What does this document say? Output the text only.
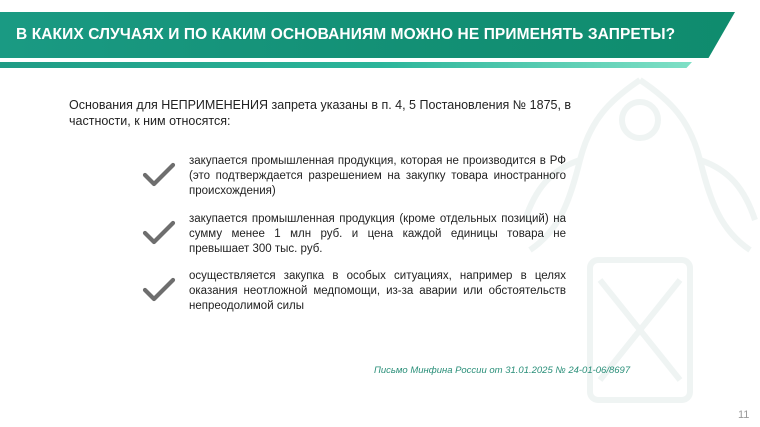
В КАКИХ СЛУЧАЯХ И ПО КАКИМ ОСНОВАНИЯМ МОЖНО НЕ ПРИМЕНЯТЬ ЗАПРЕТЫ?

Основания для НЕПРИМЕНЕНИЯ запрета указаны в п. 4, 5 Постановления № 1875, в частности, к ним относятся:

закупается промышленная продукция, которая не производится в РФ (это подтверждается разрешением на закупку товара иностранного происхождения)

закупается промышленная продукция (кроме отдельных позиций) на сумму менее 1 млн руб. и цена каждой единицы товара не превышает 300 тыс. руб.

осуществляется закупка в особых ситуациях, например в целях оказания неотложной медпомощи, из-за аварии или обстоятельств непреодолимой силы

Письмо Минфина России от 31.01.2025 № 24-01-06/8697

11
